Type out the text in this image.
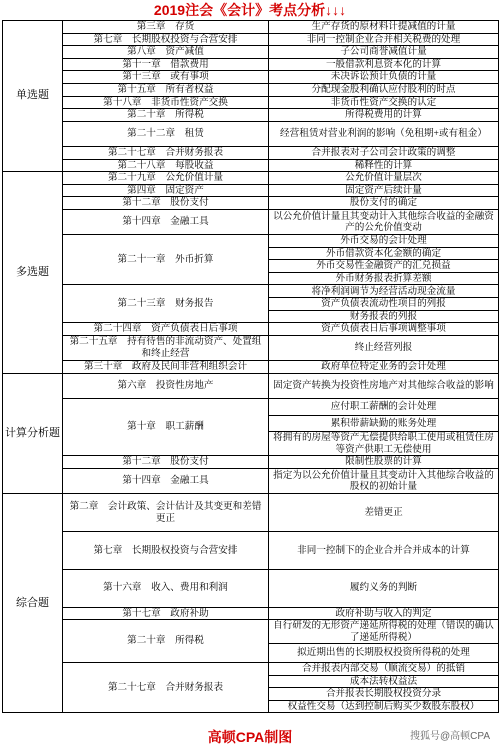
2019注会《会计》考点分析↓↓↓
单选题	第三章　存货	生产存货的原材料计提减值的计量
	第七章　长期股权投资与合营安排	非同一控制企业合并相关税费的处理
	第八章　资产减值	子公司商誉减值计量
	第十一章　借款费用	一般借款利息资本化的计算
	第十三章　或有事项	未决诉讼预计负债的计量
	第十五章　所有者权益	分配现金股利确认应付股利的时点
	第十八章　非货币性资产交换	非货币性资产交换的认定
	第二十章　所得税	所得税费用的计算
	第二十二章　租赁	经营租赁对营业利润的影响（免租期+或有租金）
	第二十七章　合并财务报表	合并报表对子公司会计政策的调整
	第二十八章　每股收益	稀释性的计算
多选题	第二十九章　公允价值计量	公允价值计量层次
	第四章　固定资产	固定资产后续计量
	第十二章　股份支付	股份支付的确定
	第十四章　金融工具	以公允价值计量且其变动计入其他综合收益的金融资产的公允价值变动
	第二十一章　外币折算	外币交易的会计处理
		外币借款资本化金额的确定
		外币交易性金融资产的汇兑损益
		外币财务报表折算差额
	第二十三章　财务报告	将净利润调节为经营活动现金流量
		资产负债表流动性项目的列报
		财务报表的列报
	第二十四章　资产负债表日后事项	资产负债表日后事项调整事项
	第二十五章　持有待售的非流动资产、处置组和终止经营	终止经营列报
	第三十章　政府及民间非营利组织会计	政府单位特定业务的会计处理
计算分析题	第六章　投资性房地产	固定资产转换为投资性房地产对其他综合收益的影响
	第十章　职工薪酬	应付职工薪酬的会计处理
		累积带薪缺勤的账务处理
		将拥有的房屋等资产无偿提供给职工使用或租赁住房等资产供职工无偿使用
	第十二章　股份支付	限制性股票的计算
	第十四章　金融工具	指定为以公允价值计量且其变动计入其他综合收益的股权的初始计量
综合题	第二章　会计政策、会计估计及其变更和差错更正	差错更正
	第七章　长期股权投资与合营安排	非同一控制下的企业合并合并成本的计算
	第十六章　收入、费用和利润	履约义务的判断
	第十七章　政府补助	政府补助与收入的判定
	第二十章　所得税	自行研发的无形资产递延所得税的处理（错误的确认了递延所得税）
		拟近期出售的长期股权投资所得税的处理
	第二十七章　合并财务报表	合并报表内部交易（顺流交易）的抵销
		成本法转权益法
		合并报表长期股权投资分录
		权益性交易（达到控制后购买少数股东股权）
高顿CPA制图	搜狐号@高顿CPA
